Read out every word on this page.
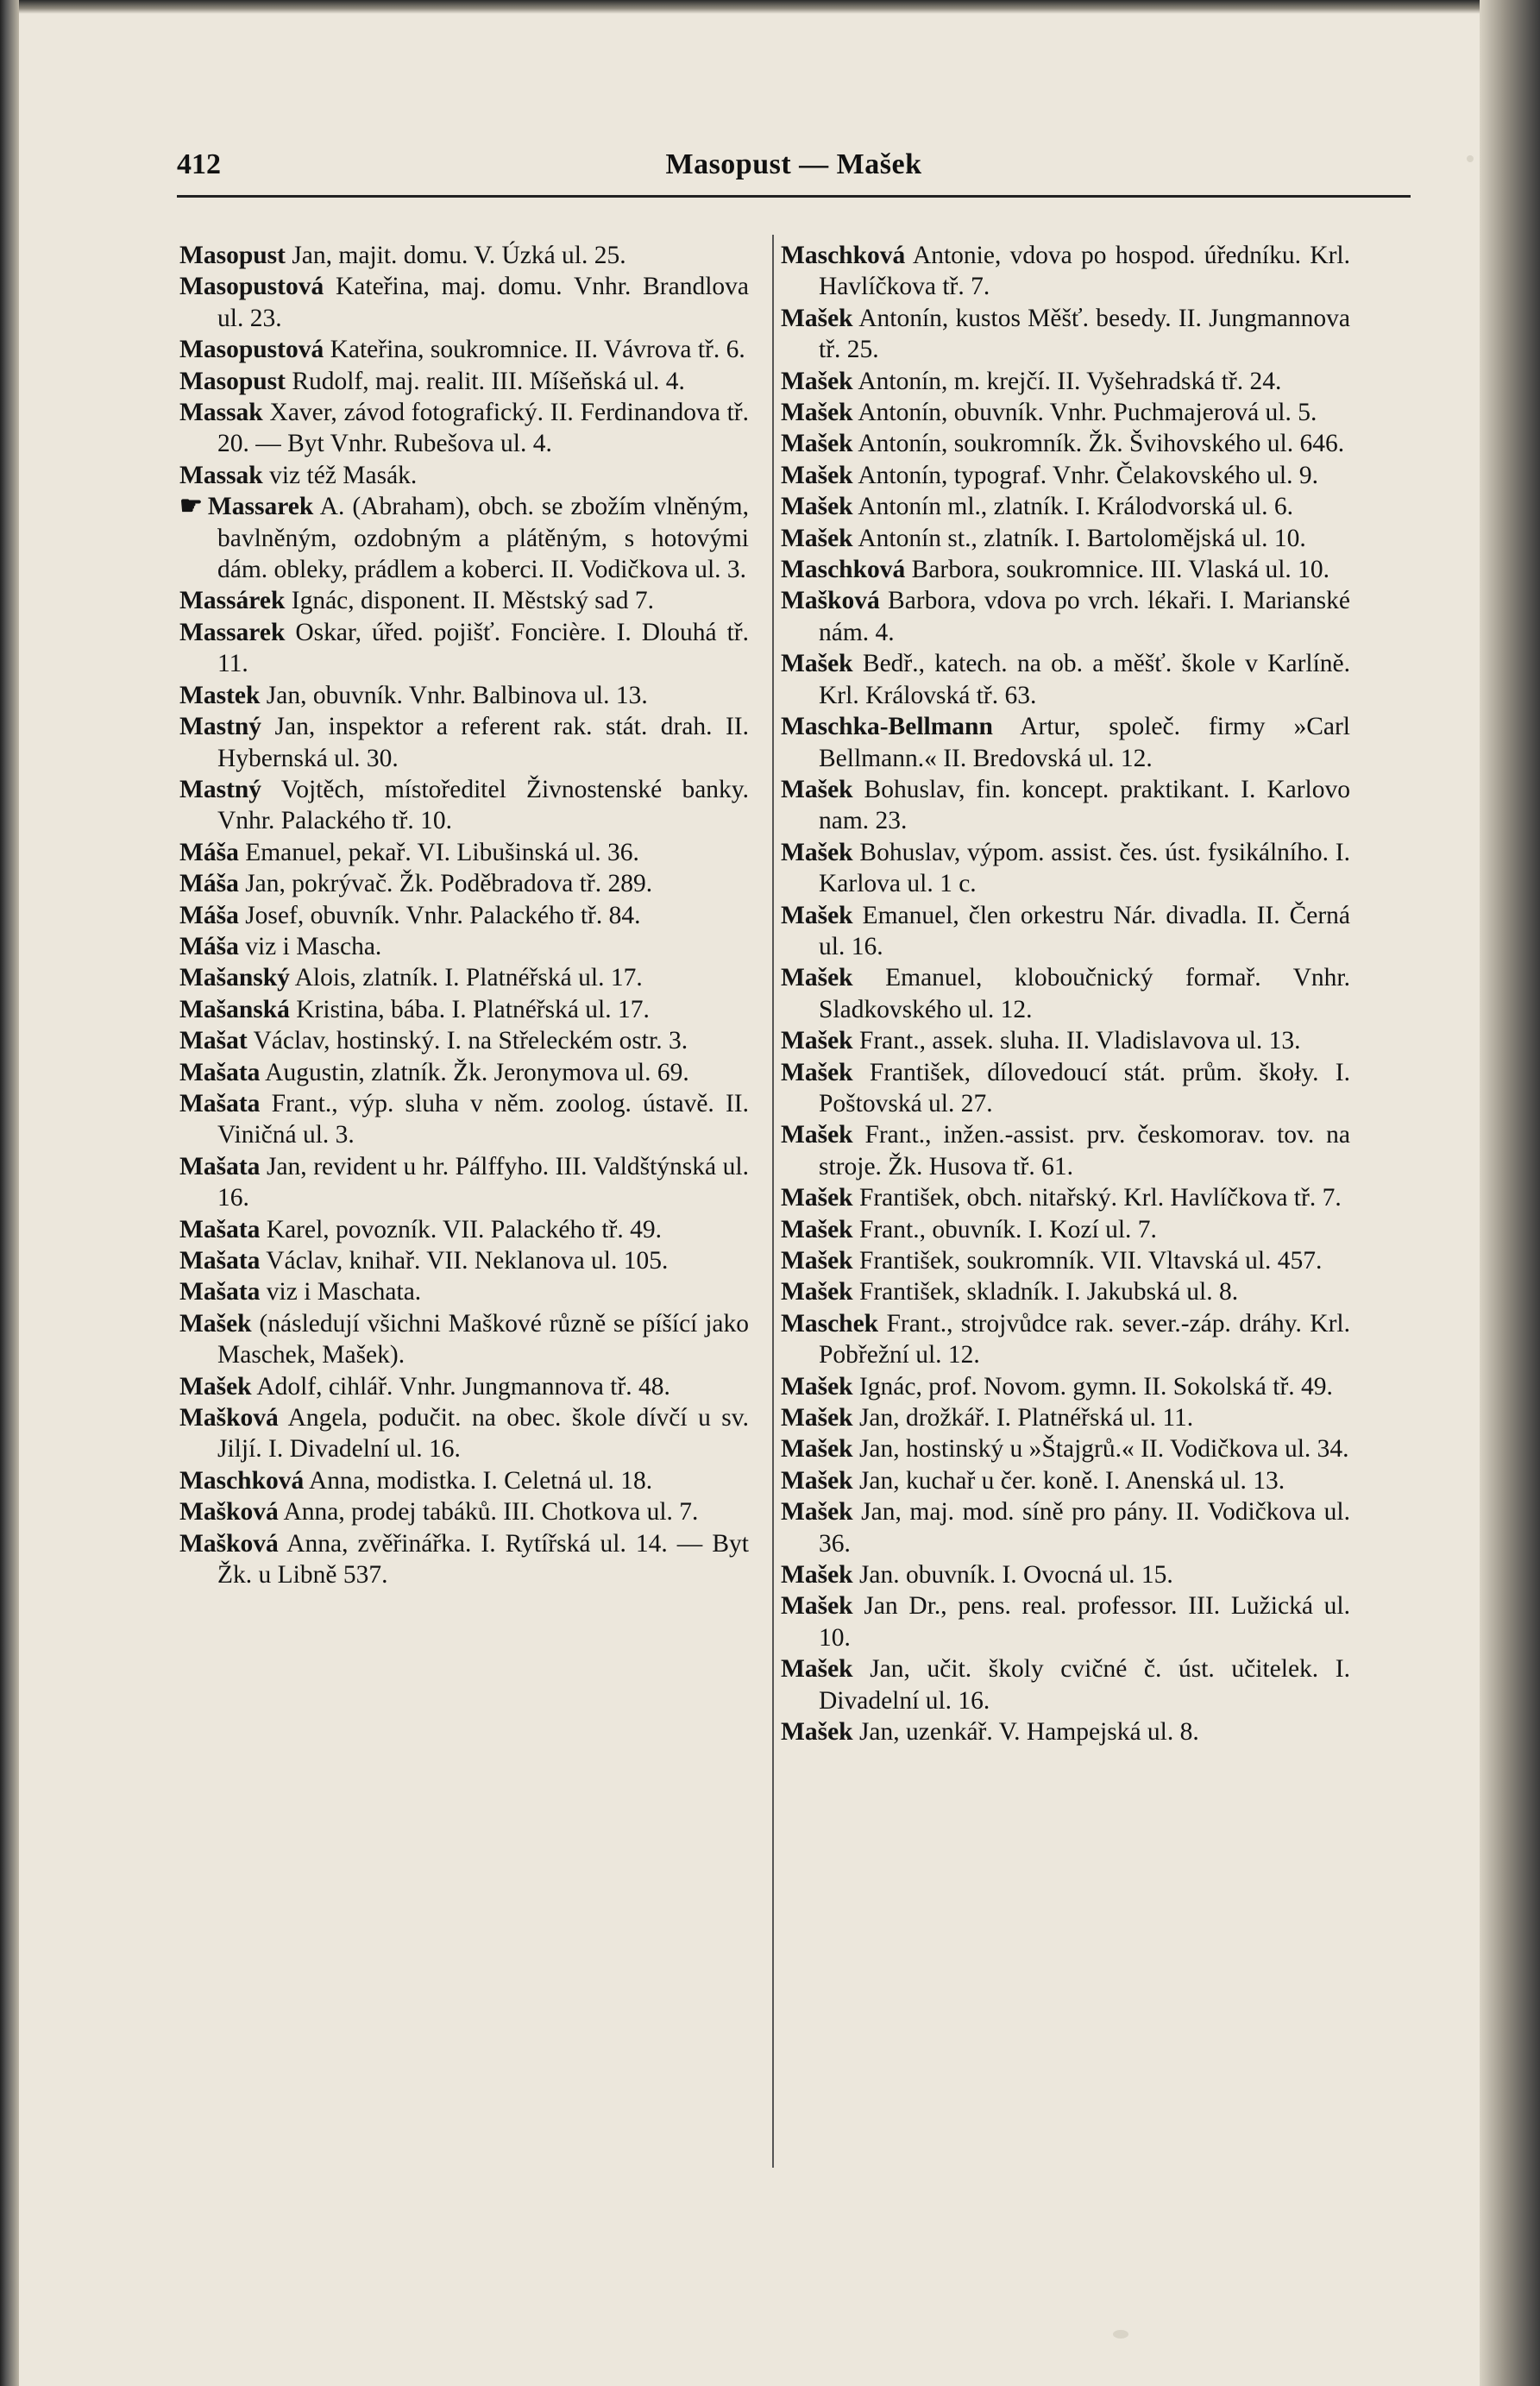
412	Masopust — Mašek

Masopust Jan, majit. domu. V. Úzká ul. 25.

Masopustová Kateřina, maj. domu. Vnhr. Brandlova ul. 23.

Masopustová Kateřina, soukromnice. II. Vávrova tř. 6.

Masopust Rudolf, maj. realit. III. Míšeňská ul. 4.

Massak Xaver, závod fotografický. II. Ferdinandova tř. 20. — Byt Vnhr. Rubešova ul. 4.

Massak viz též Masák.

☛ Massarek A. (Abraham), obch. se zbožím vlněným, bavlněným, ozdobným a plátěným, s hotovými dám. obleky, prádlem a koberci. II. Vodičkova ul. 3.

Massárek Ignác, disponent. II. Městský sad 7.

Massarek Oskar, úřed. pojišť. Foncière. I. Dlouhá tř. 11.

Mastek Jan, obuvník. Vnhr. Balbinova ul. 13.

Mastný Jan, inspektor a referent rak. stát. drah. II. Hybernská ul. 30.

Mastný Vojtěch, místoředitel Živnostenské banky. Vnhr. Palackého tř. 10.

Máša Emanuel, pekař. VI. Libušinská ul. 36.

Máša Jan, pokrývač. Žk. Poděbradova tř. 289.

Máša Josef, obuvník. Vnhr. Palackého tř. 84.

Máša viz i Mascha.

Mašanský Alois, zlatník. I. Platnéřská ul. 17.

Mašanská Kristina, bába. I. Platnéřská ul. 17.

Mašat Václav, hostinský. I. na Střeleckém ostr. 3.

Mašata Augustin, zlatník. Žk. Jeronymova ul. 69.

Mašata Frant., výp. sluha v něm. zoolog. ústavě. II. Viničná ul. 3.

Mašata Jan, revident u hr. Pálffyho. III. Valdštýnská ul. 16.

Mašata Karel, povozník. VII. Palackého tř. 49.

Mašata Václav, knihař. VII. Neklanova ul. 105.

Mašata viz i Maschata.

Mašek (následují všichni Maškové různě se píšící jako Maschek, Mašek).

Mašek Adolf, cihlář. Vnhr. Jungmannova tř. 48.

Mašková Angela, podučit. na obec. škole dívčí u sv. Jiljí. I. Divadelní ul. 16.

Maschková Anna, modistka. I. Celetná ul. 18.

Mašková Anna, prodej tabáků. III. Chotkova ul. 7.

Mašková Anna, zvěřinářka. I. Rytířská ul. 14. — Byt Žk. u Libně 537.

Maschková Antonie, vdova po hospod. úředníku. Krl. Havlíčkova tř. 7.

Mašek Antonín, kustos Měšť. besedy. II. Jungmannova tř. 25.

Mašek Antonín, m. krejčí. II. Vyšehradská tř. 24.

Mašek Antonín, obuvník. Vnhr. Puchmajerová ul. 5.

Mašek Antonín, soukromník. Žk. Švihovského ul. 646.

Mašek Antonín, typograf. Vnhr. Čelakovského ul. 9.

Mašek Antonín ml., zlatník. I. Králodvorská ul. 6.

Mašek Antonín st., zlatník. I. Bartolomějská ul. 10.

Maschková Barbora, soukromnice. III. Vlaská ul. 10.

Mašková Barbora, vdova po vrch. lékaři. I. Marianské nám. 4.

Mašek Bedř., katech. na ob. a měšť. škole v Karlíně. Krl. Královská tř. 63.

Maschka-Bellmann Artur, společ. firmy »Carl Bellmann.« II. Bredovská ul. 12.

Mašek Bohuslav, fin. koncept. praktikant. I. Karlovo nam. 23.

Mašek Bohuslav, výpom. assist. čes. úst. fysikálního. I. Karlova ul. 1 c.

Mašek Emanuel, člen orkestru Nár. divadla. II. Černá ul. 16.

Mašek Emanuel, kloboučnický formař. Vnhr. Sladkovského ul. 12.

Mašek Frant., assek. sluha. II. Vladislavova ul. 13.

Mašek František, dílovedoucí stát. prům. škoły. I. Poštovská ul. 27.

Mašek Frant., inžen.-assist. prv. českomorav. tov. na stroje. Žk. Husova tř. 61.

Mašek František, obch. nitařský. Krl. Havlíčkova tř. 7.

Mašek Frant., obuvník. I. Kozí ul. 7.

Mašek František, soukromník. VII. Vltavská ul. 457.

Mašek František, skladník. I. Jakubská ul. 8.

Maschek Frant., strojvůdce rak. sever.-záp. dráhy. Krl. Pobřežní ul. 12.

Mašek Ignác, prof. Novom. gymn. II. Sokolská tř. 49.

Mašek Jan, drožkář. I. Platnéřská ul. 11.

Mašek Jan, hostinský u »Štajgrů.« II. Vodičkova ul. 34.

Mašek Jan, kuchař u čer. koně. I. Anenská ul. 13.

Mašek Jan, maj. mod. síně pro pány. II. Vodičkova ul. 36.

Mašek Jan. obuvník. I. Ovocná ul. 15.

Mašek Jan Dr., pens. real. professor. III. Lužická ul. 10.

Mašek Jan, učit. školy cvičné č. úst. učitelek. I. Divadelní ul. 16.

Mašek Jan, uzenkář. V. Hampejská ul. 8.
